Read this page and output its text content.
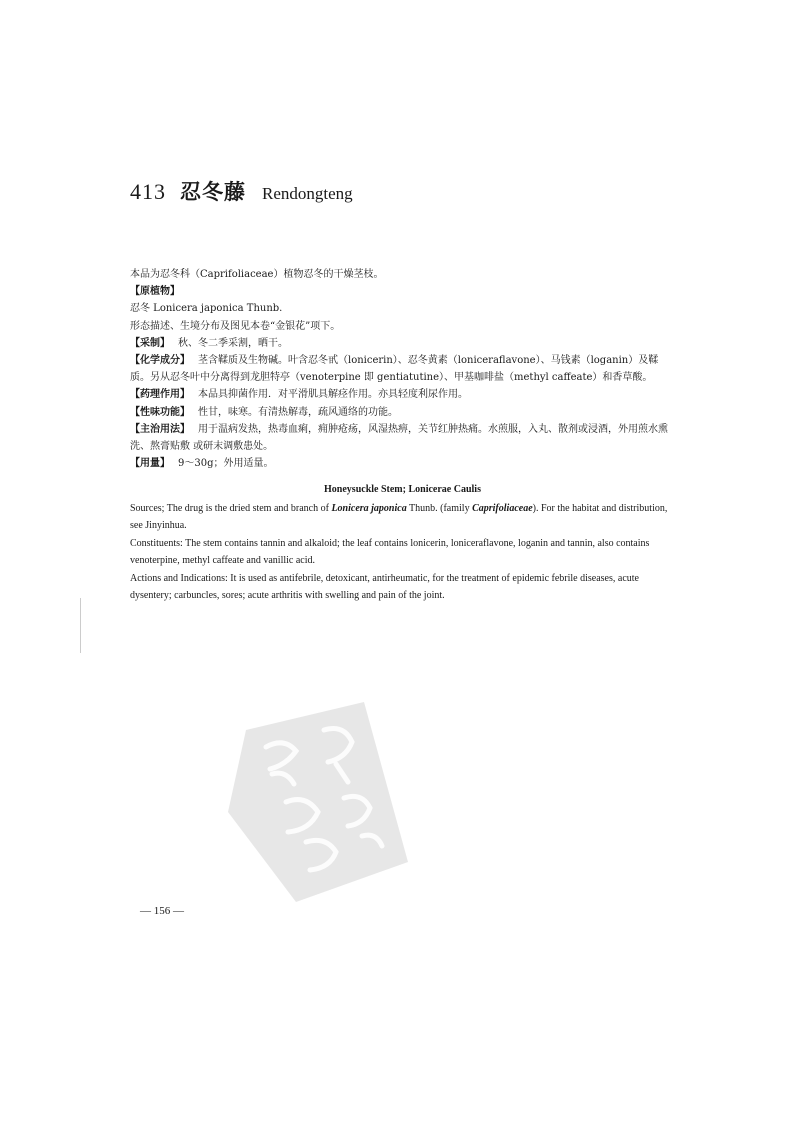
413 忍冬藤 Rendongteng

本品为忍冬科（Caprifoliaceae）植物忍冬的干燥茎枝。

【原植物】

忍冬 Lonicera japonica Thunb.

形态描述、生境分布及图见本卷“金银花”项下。

【采制】 秋、冬二季采割，晒干。

【化学成分】 茎含鞣质及生物碱。叶含忍冬甙（lonicerin）、忍冬黄素（loniceraflavone）、马钱素（loganin）及鞣质。另从忍冬叶中分离得到龙胆特亭（venoterpine 即 gentiatutine）、甲基咖啡盐（methyl caffeate）和香草酸。

【药理作用】 本品具抑菌作用．对平滑肌具解痉作用。亦具轻度利尿作用。

【性味功能】 性甘，味寒。有清热解毒，疏风通络的功能。

【主治用法】 用于温病发热，热毒血痢，痈肿疮疡，风湿热痹，关节红肿热痛。水煎服，入丸、散剂或浸酒，外用煎水熏洗、熬膏贴敷 或研末调敷患处。

【用量】 9～30g；外用适量。

Honeysuckle Stem; Lonicerae Caulis

Sources; The drug is the dried stem and branch of Lonicera japonica Thunb. (family Caprifoliaceae). For the habitat and distribution, see Jinyinhua.

Constituents: The stem contains tannin and alkaloid; the leaf contains lonicerin, loniceraflavone, loganin and tannin, also contains venoterpine, methyl caffeate and vanillic acid.

Actions and Indications: It is used as antifebrile, detoxicant, antirheumatic, for the treatment of epidemic febrile diseases, acute dysentery; carbuncles, sores; acute arthritis with swelling and pain of the joint.

— 156 —
